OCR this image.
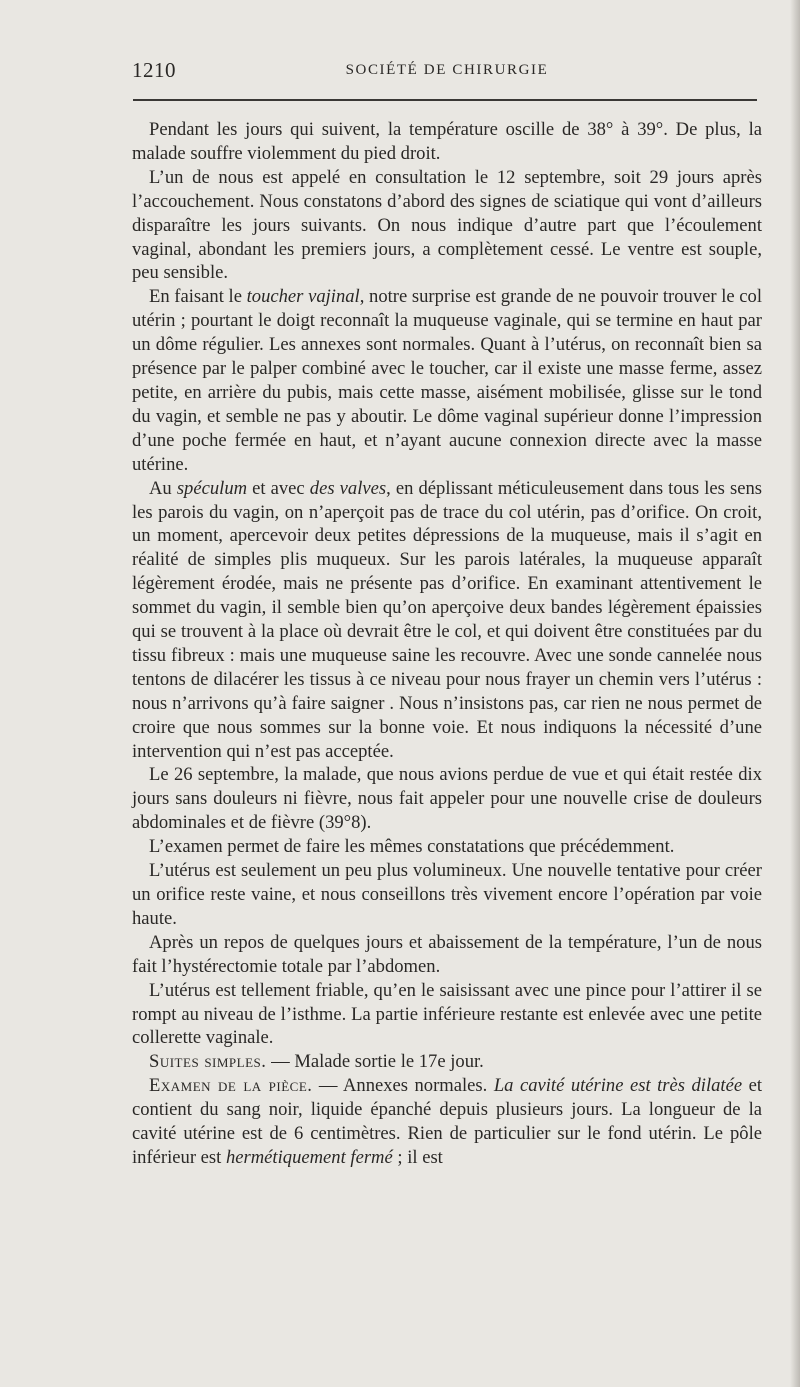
1210	SOCIÉTÉ DE CHIRURGIE

Pendant les jours qui suivent, la température oscille de 38° à 39°. De plus, la malade souffre violemment du pied droit.

L’un de nous est appelé en consultation le 12 septembre, soit 29 jours après l’accouchement. Nous constatons d’abord des signes de sciatique qui vont d’ailleurs disparaître les jours suivants. On nous indique d’autre part que l’écoulement vaginal, abondant les premiers jours, a complètement cessé. Le ventre est souple, peu sensible.

En faisant le toucher vajinal, notre surprise est grande de ne pouvoir trouver le col utérin ; pourtant le doigt reconnaît la muqueuse vaginale, qui se termine en haut par un dôme régulier. Les annexes sont normales. Quant à l’utérus, on reconnaît bien sa présence par le palper combiné avec le toucher, car il existe une masse ferme, assez petite, en arrière du pubis, mais cette masse, aisément mobilisée, glisse sur le tond du vagin, et semble ne pas y aboutir. Le dôme vaginal supérieur donne l’impression d’une poche fermée en haut, et n’ayant aucune connexion directe avec la masse utérine.

Au spéculum et avec des valves, en déplissant méticuleusement dans tous les sens les parois du vagin, on n’aperçoit pas de trace du col utérin, pas d’orifice. On croit, un moment, apercevoir deux petites dépressions de la muqueuse, mais il s’agit en réalité de simples plis muqueux. Sur les parois latérales, la muqueuse apparaît légèrement érodée, mais ne présente pas d’orifice. En examinant attentivement le sommet du vagin, il semble bien qu’on aperçoive deux bandes légèrement épaissies qui se trouvent à la place où devrait être le col, et qui doivent être constituées par du tissu fibreux : mais une muqueuse saine les recouvre. Avec une sonde cannelée nous tentons de dilacérer les tissus à ce niveau pour nous frayer un chemin vers l’utérus : nous n’arrivons qu’à faire saigner . Nous n’insistons pas, car rien ne nous permet de croire que nous sommes sur la bonne voie. Et nous indiquons la nécessité d’une intervention qui n’est pas acceptée.

Le 26 septembre, la malade, que nous avions perdue de vue et qui était restée dix jours sans douleurs ni fièvre, nous fait appeler pour une nouvelle crise de douleurs abdominales et de fièvre (39°8).

L’examen permet de faire les mêmes constatations que précédemment.

L’utérus est seulement un peu plus volumineux. Une nouvelle tentative pour créer un orifice reste vaine, et nous conseillons très vivement encore l’opération par voie haute.

Après un repos de quelques jours et abaissement de la température, l’un de nous fait l’hystérectomie totale par l’abdomen.

L’utérus est tellement friable, qu’en le saisissant avec une pince pour l’attirer il se rompt au niveau de l’isthme. La partie inférieure restante est enlevée avec une petite collerette vaginale.

Suites simples. — Malade sortie le 17e jour.

Examen de la pièce. — Annexes normales. La cavité utérine est très dilatée et contient du sang noir, liquide épanché depuis plusieurs jours. La longueur de la cavité utérine est de 6 centimètres. Rien de particulier sur le fond utérin. Le pôle inférieur est hermétiquement fermé ; il est
